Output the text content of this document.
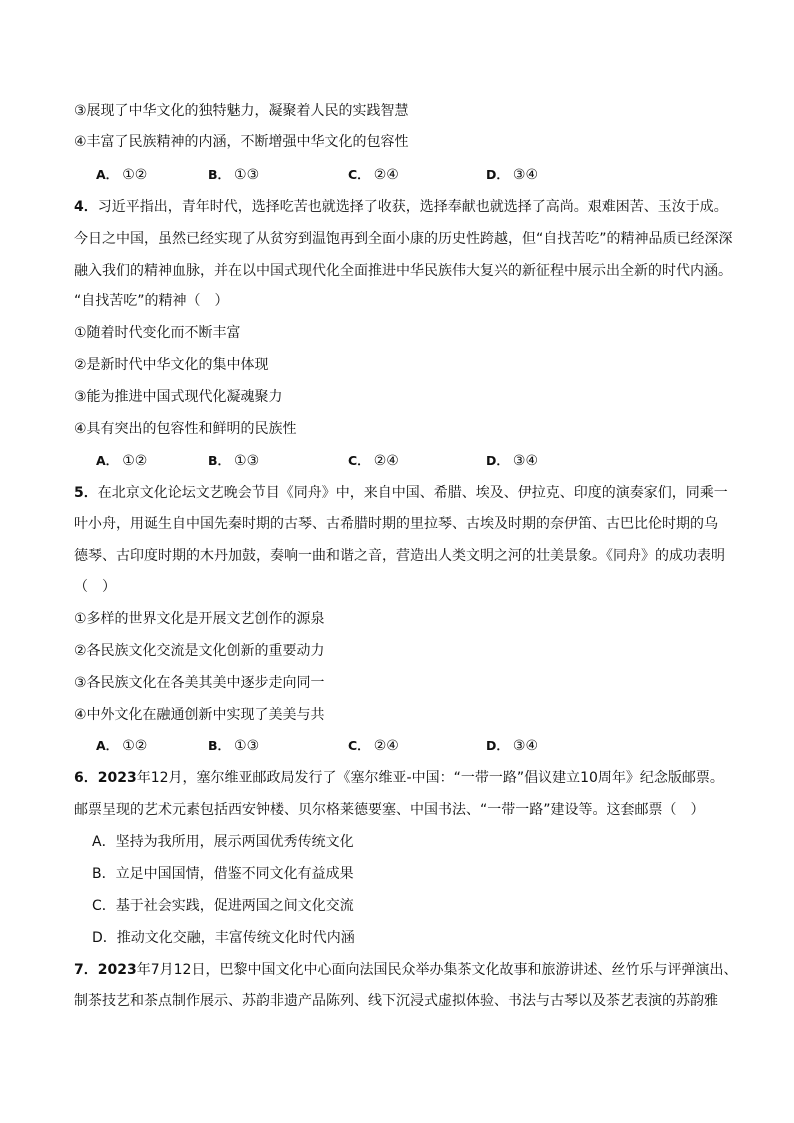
③展现了中华文化的独特魅力，凝聚着人民的实践智慧
④丰富了民族精神的内涵，不断增强中华文化的包容性
A． ①②	B． ①③	C． ②④	D． ③④
4．习近平指出，青年时代，选择吃苦也就选择了收获，选择奉献也就选择了高尚。艰难困苦、玉汝于成。
今日之中国，虽然已经实现了从贫穷到温饱再到全面小康的历史性跨越，但“自找苦吃”的精神品质已经深深
融入我们的精神血脉，并在以中国式现代化全面推进中华民族伟大复兴的新征程中展示出全新的时代内涵。
“自找苦吃”的精神（　）
①随着时代变化而不断丰富
②是新时代中华文化的集中体现
③能为推进中国式现代化凝魂聚力
④具有突出的包容性和鲜明的民族性
A． ①②	B． ①③	C． ②④	D． ③④
5．在北京文化论坛文艺晚会节目《同舟》中，来自中国、希腊、埃及、伊拉克、印度的演奏家们，同乘一
叶小舟，用诞生自中国先秦时期的古琴、古希腊时期的里拉琴、古埃及时期的奈伊笛、古巴比伦时期的乌
德琴、古印度时期的木丹加鼓，奏响一曲和谐之音，营造出人类文明之河的壮美景象。《同舟》的成功表明
（　）
①多样的世界文化是开展文艺创作的源泉
②各民族文化交流是文化创新的重要动力
③各民族文化在各美其美中逐步走向同一
④中外文化在融通创新中实现了美美与共
A． ①②	B． ①③	C． ②④	D． ③④
6．2023年12月，塞尔维亚邮政局发行了《塞尔维亚-中国：“一带一路”倡议建立10周年》纪念版邮票。
邮票呈现的艺术元素包括西安钟楼、贝尔格莱德要塞、中国书法、“一带一路”建设等。这套邮票（　）
A．坚持为我所用，展示两国优秀传统文化
B．立足中国国情，借鉴不同文化有益成果
C．基于社会实践，促进两国之间文化交流
D．推动文化交融，丰富传统文化时代内涵
7．2023年7月12日，巴黎中国文化中心面向法国民众举办集茶文化故事和旅游讲述、丝竹乐与评弹演出、
制茶技艺和茶点制作展示、苏韵非遗产品陈列、线下沉浸式虚拟体验、书法与古琴以及茶艺表演的苏韵雅
